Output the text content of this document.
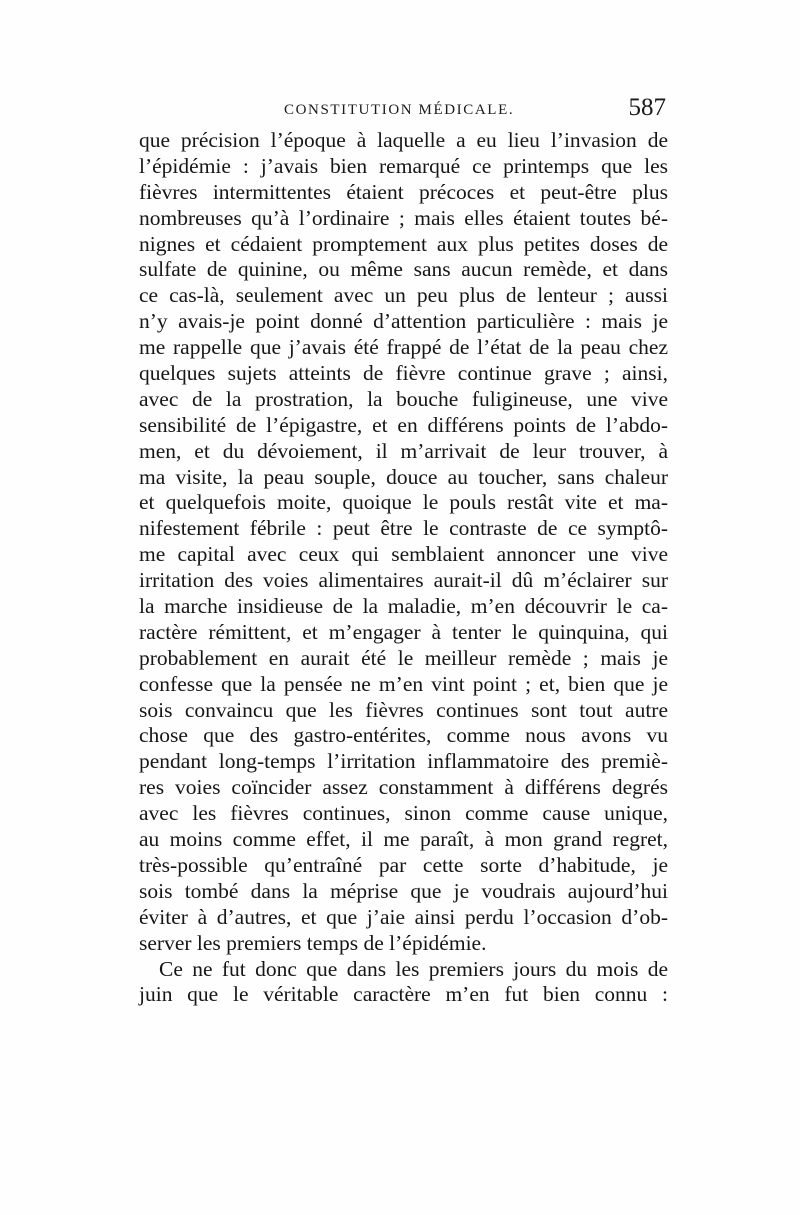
CONSTITUTION MÉDICALE.	587
que précision l’époque à laquelle a eu lieu l’invasion de
l’épidémie : j’avais bien remarqué ce printemps que les
fièvres intermittentes étaient précoces et peut-être plus
nombreuses qu’à l’ordinaire ; mais elles étaient toutes bé-
nignes et cédaient promptement aux plus petites doses de
sulfate de quinine, ou même sans aucun remède, et dans
ce cas-là, seulement avec un peu plus de lenteur ; aussi
n’y avais-je point donné d’attention particulière : mais je
me rappelle que j’avais été frappé de l’état de la peau chez
quelques sujets atteints de fièvre continue grave ; ainsi,
avec de la prostration, la bouche fuligineuse, une vive
sensibilité de l’épigastre, et en différens points de l’abdo-
men, et du dévoiement, il m’arrivait de leur trouver, à
ma visite, la peau souple, douce au toucher, sans chaleur
et quelquefois moite, quoique le pouls restât vite et ma-
nifestement fébrile : peut être le contraste de ce symptô-
me capital avec ceux qui semblaient annoncer une vive
irritation des voies alimentaires aurait-il dû m’éclairer sur
la marche insidieuse de la maladie, m’en découvrir le ca-
ractère rémittent, et m’engager à tenter le quinquina, qui
probablement en aurait été le meilleur remède ; mais je
confesse que la pensée ne m’en vint point ; et, bien que je
sois convaincu que les fièvres continues sont tout autre
chose que des gastro-entérites, comme nous avons vu
pendant long-temps l’irritation inflammatoire des premiè-
res voies coïncider assez constamment à différens degrés
avec les fièvres continues, sinon comme cause unique,
au moins comme effet, il me paraît, à mon grand regret,
très-possible qu’entraîné par cette sorte d’habitude, je
sois tombé dans la méprise que je voudrais aujourd’hui
éviter à d’autres, et que j’aie ainsi perdu l’occasion d’ob-
server les premiers temps de l’épidémie.
Ce ne fut donc que dans les premiers jours du mois de
juin que le véritable caractère m’en fut bien connu :
